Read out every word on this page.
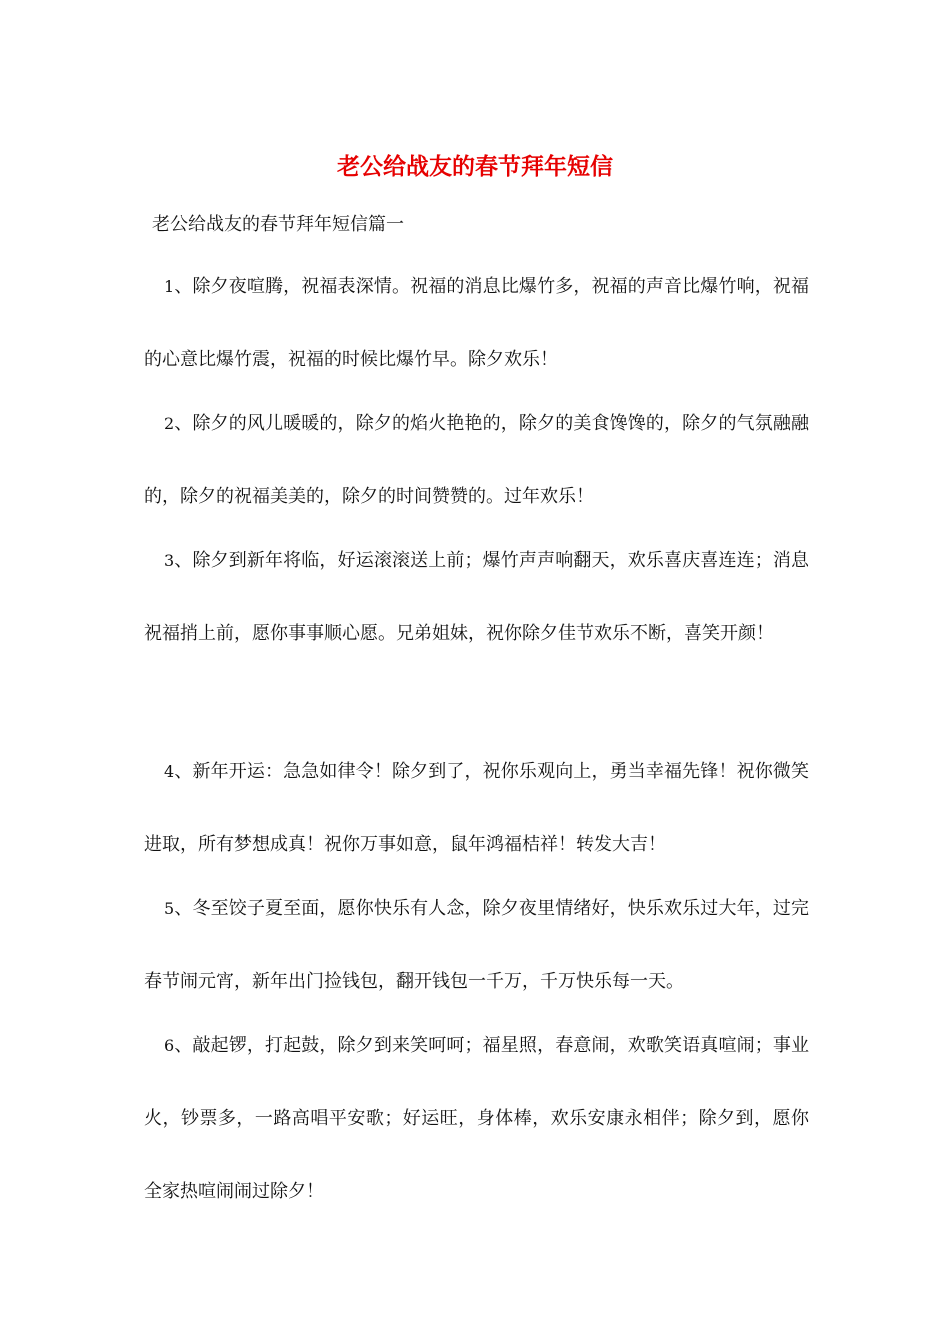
老公给战友的春节拜年短信

老公给战友的春节拜年短信篇一

1、除夕夜喧腾，祝福表深情。祝福的消息比爆竹多，祝福的声音比爆竹响，祝福的心意比爆竹震，祝福的时候比爆竹早。除夕欢乐！

2、除夕的风儿暖暖的，除夕的焰火艳艳的，除夕的美食馋馋的，除夕的气氛融融的，除夕的祝福美美的，除夕的时间赞赞的。过年欢乐！

3、除夕到新年将临，好运滚滚送上前；爆竹声声响翻天，欢乐喜庆喜连连；消息祝福捎上前，愿你事事顺心愿。兄弟姐妹，祝你除夕佳节欢乐不断，喜笑开颜！

4、新年开运：急急如律令！除夕到了，祝你乐观向上，勇当幸福先锋！祝你微笑进取，所有梦想成真！祝你万事如意，鼠年鸿福桔祥！转发大吉！

5、冬至饺子夏至面，愿你快乐有人念，除夕夜里情绪好，快乐欢乐过大年，过完春节闹元宵，新年出门捡钱包，翻开钱包一千万，千万快乐每一天。

6、敲起锣，打起鼓，除夕到来笑呵呵；福星照，春意闹，欢歌笑语真喧闹；事业火，钞票多，一路高唱平安歌；好运旺，身体棒，欢乐安康永相伴；除夕到，愿你全家热喧闹闹过除夕！
